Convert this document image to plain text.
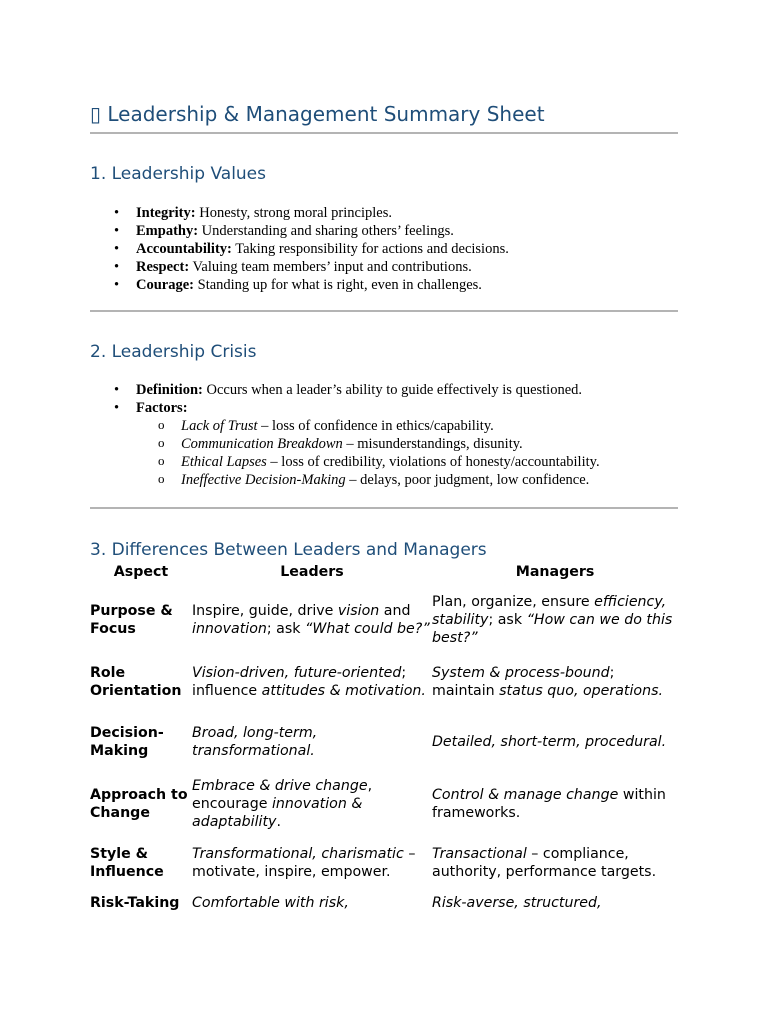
▯ Leadership & Management Summary Sheet
1. Leadership Values
• Integrity: Honesty, strong moral principles.
• Empathy: Understanding and sharing others’ feelings.
• Accountability: Taking responsibility for actions and decisions.
• Respect: Valuing team members’ input and contributions.
• Courage: Standing up for what is right, even in challenges.
2. Leadership Crisis
• Definition: Occurs when a leader’s ability to guide effectively is questioned.
• Factors:
o Lack of Trust – loss of confidence in ethics/capability.
o Communication Breakdown – misunderstandings, disunity.
o Ethical Lapses – loss of credibility, violations of honesty/accountability.
o Ineffective Decision-Making – delays, poor judgment, low confidence.
3. Differences Between Leaders and Managers
Aspect	Leaders	Managers
Purpose & Focus	Inspire, guide, drive vision and innovation; ask “What could be?”	Plan, organize, ensure efficiency, stability; ask “How can we do this best?”
Role Orientation	Vision-driven, future-oriented; influence attitudes & motivation.	System & process-bound; maintain status quo, operations.
Decision-Making	Broad, long-term, transformational.	Detailed, short-term, procedural.
Approach to Change	Embrace & drive change, encourage innovation & adaptability.	Control & manage change within frameworks.
Style & Influence	Transformational, charismatic – motivate, inspire, empower.	Transactional – compliance, authority, performance targets.
Risk-Taking	Comfortable with risk,	Risk-averse, structured,
